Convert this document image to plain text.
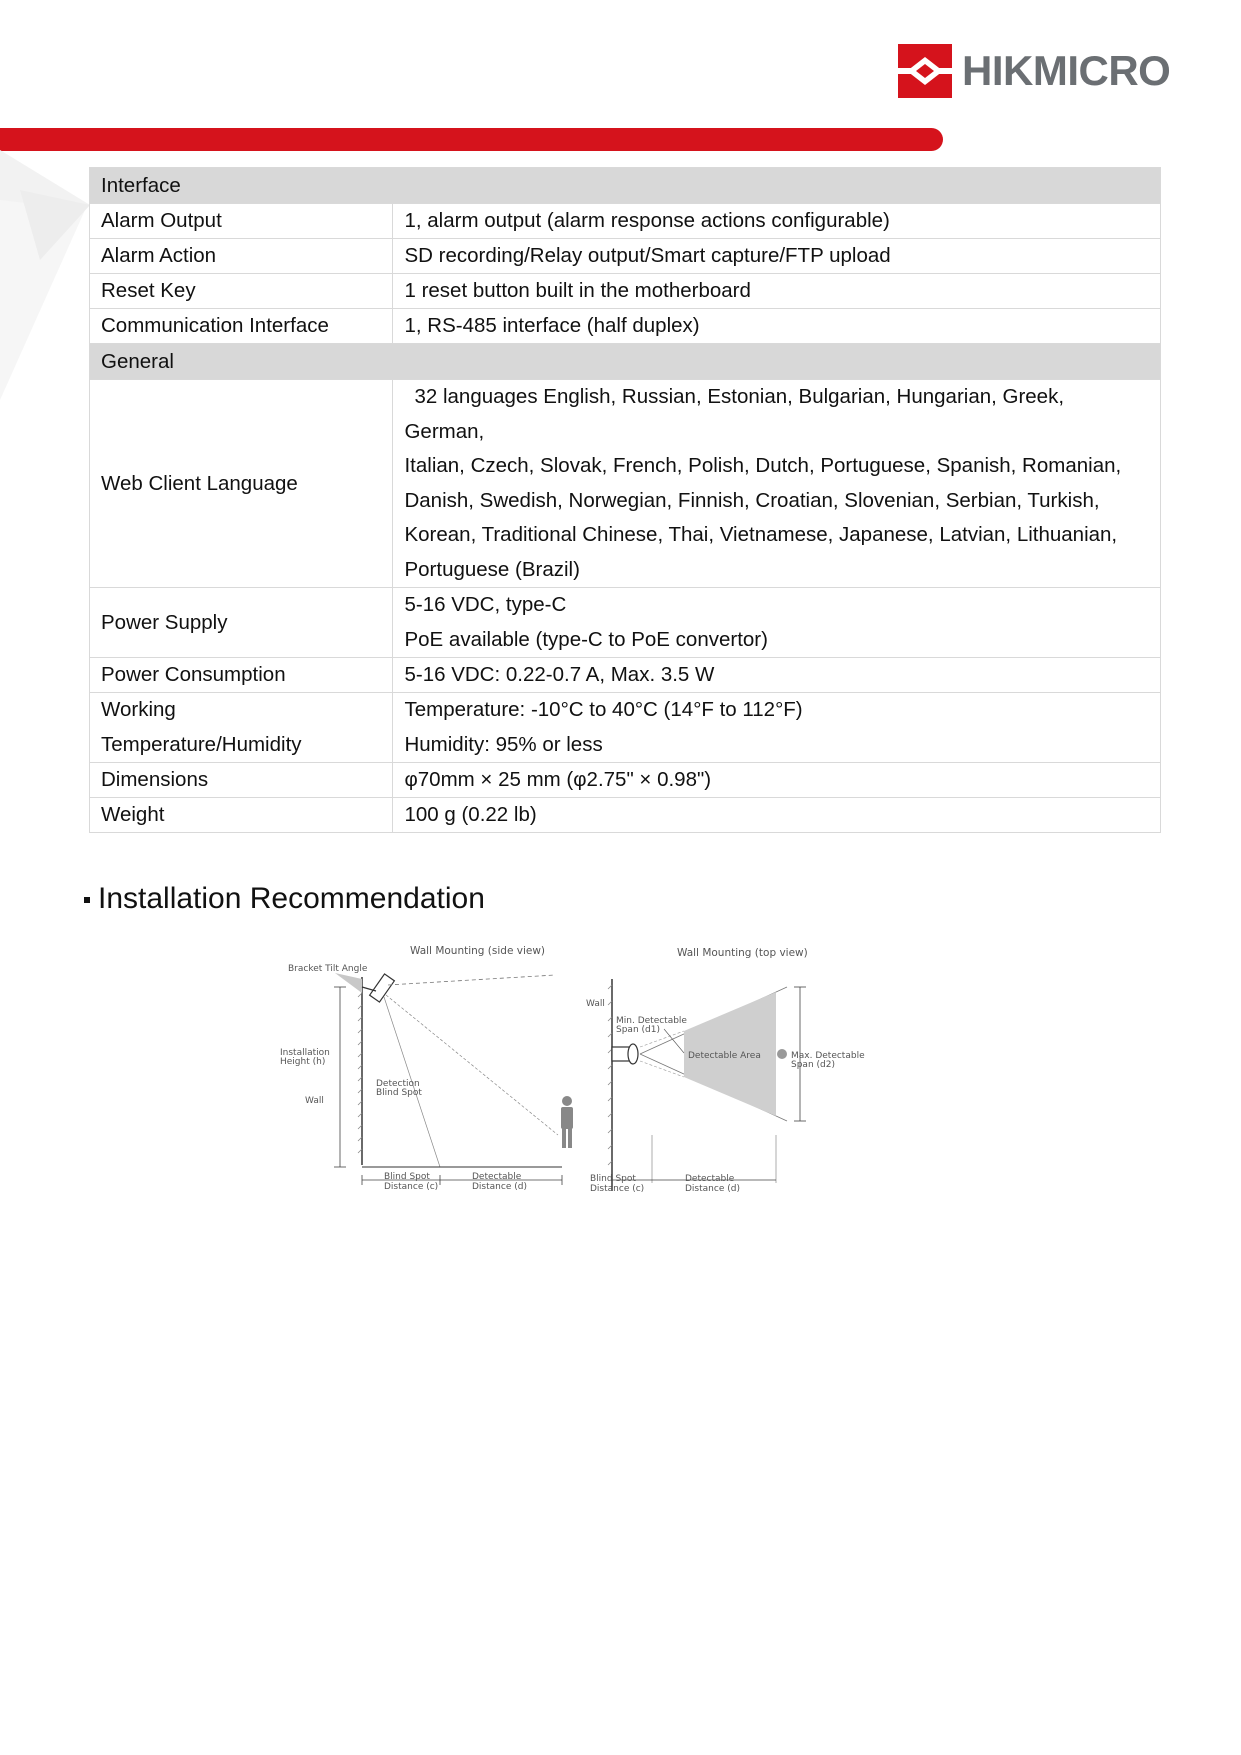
HIKMICRO
Interface	
Alarm Output	1, alarm output (alarm response actions configurable)
Alarm Action	SD recording/Relay output/Smart capture/FTP upload
Reset Key	1 reset button built in the motherboard
Communication Interface	1, RS-485 interface (half duplex)
General	
Web Client Language	32 languages English, Russian, Estonian, Bulgarian, Hungarian, Greek, German,
Italian, Czech, Slovak, French, Polish, Dutch, Portuguese, Spanish, Romanian,
Danish, Swedish, Norwegian, Finnish, Croatian, Slovenian, Serbian, Turkish,
Korean, Traditional Chinese, Thai, Vietnamese, Japanese, Latvian, Lithuanian,
Portuguese (Brazil)

Power Supply	5-16 VDC, type-C
PoE available (type-C to PoE convertor)

Power Consumption	5-16 VDC: 0.22-0.7 A, Max. 3.5 W

Working
Temperature/Humidity	Temperature: -10°C to 40°C (14°F to 112°F)
Humidity: 95% or less

Dimensions	φ70mm × 25 mm (φ2.75" × 0.98")
Weight	100 g (0.22 lb)
Installation Recommendation
Wall Mounting (side view)
Bracket Tilt Angle
Installation
Height (h)
Wall
Detection
Blind Spot
Blind Spot
Distance (c)
Detectable
Distance (d)
Wall Mounting (top view)
Wall
Detectable Area
Min. Detectable
Span (d1)
Max. Detectable
Span (d2)
Blind Spot
Distance (c)
Detectable
Distance (d)
